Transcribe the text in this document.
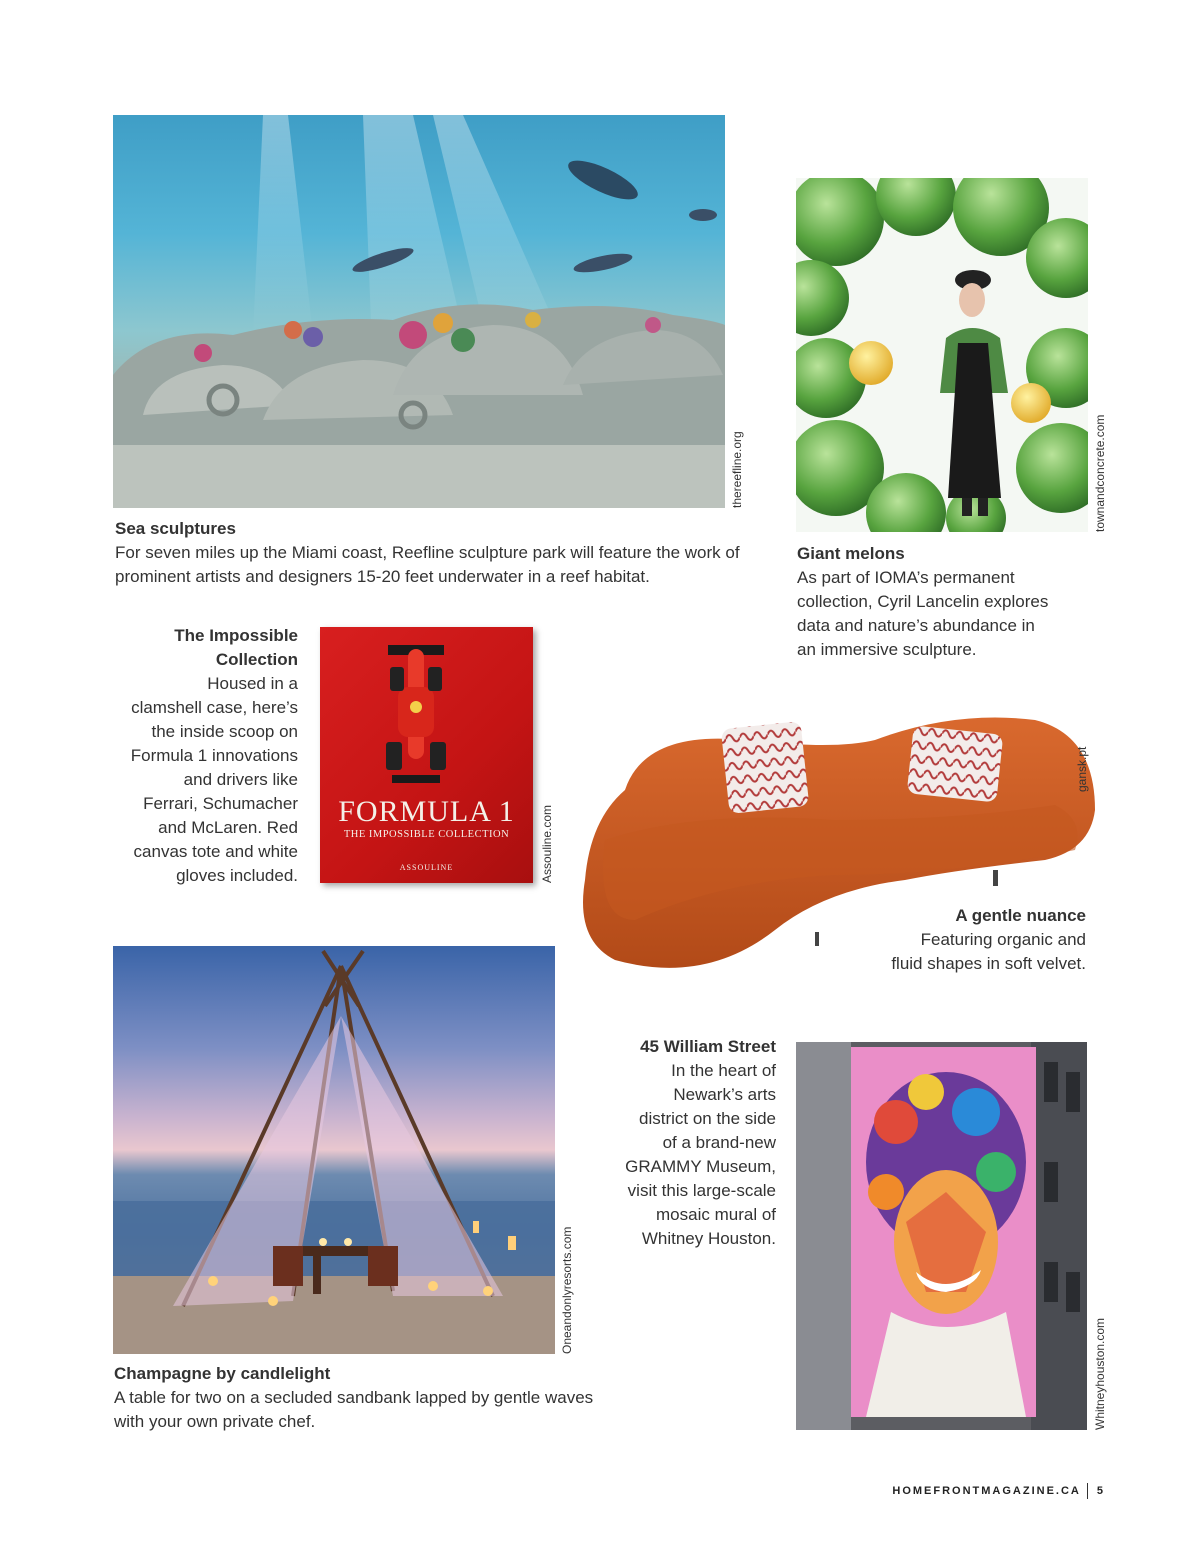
thereefline.org

Sea sculptures

For seven miles up the Miami coast, Reefline sculpture park will feature the work of prominent artists and designers 15-20 feet underwater in a reef habitat.

townandconcrete.com

Giant melons

As part of IOMA’s permanent

collection, Cyril Lancelin explores

data and nature’s abundance in

an immersive sculpture.

The Impossible

Collection

Housed in a

clamshell case, here’s

the inside scoop on

Formula 1 innovations

and drivers like

Ferrari, Schumacher

and McLaren. Red

canvas tote and white

gloves included.

FORMULA 1
THE IMPOSSIBLE COLLECTION
ASSOULINE	Assouline.com
gansk.pt

A gentle nuance

Featuring organic and

fluid shapes in soft velvet.

Oneandonlyresorts.com

Champagne by candlelight

A table for two on a secluded sandbank lapped by gentle waves

with your own private chef.

45 William Street

In the heart of

Newark’s arts

district on the side

of a brand-new

GRAMMY Museum,

visit this large-scale

mosaic mural of

Whitney Houston.

Whitneyhouston.com
HOMEFRONTMAGAZINE.CA 5
